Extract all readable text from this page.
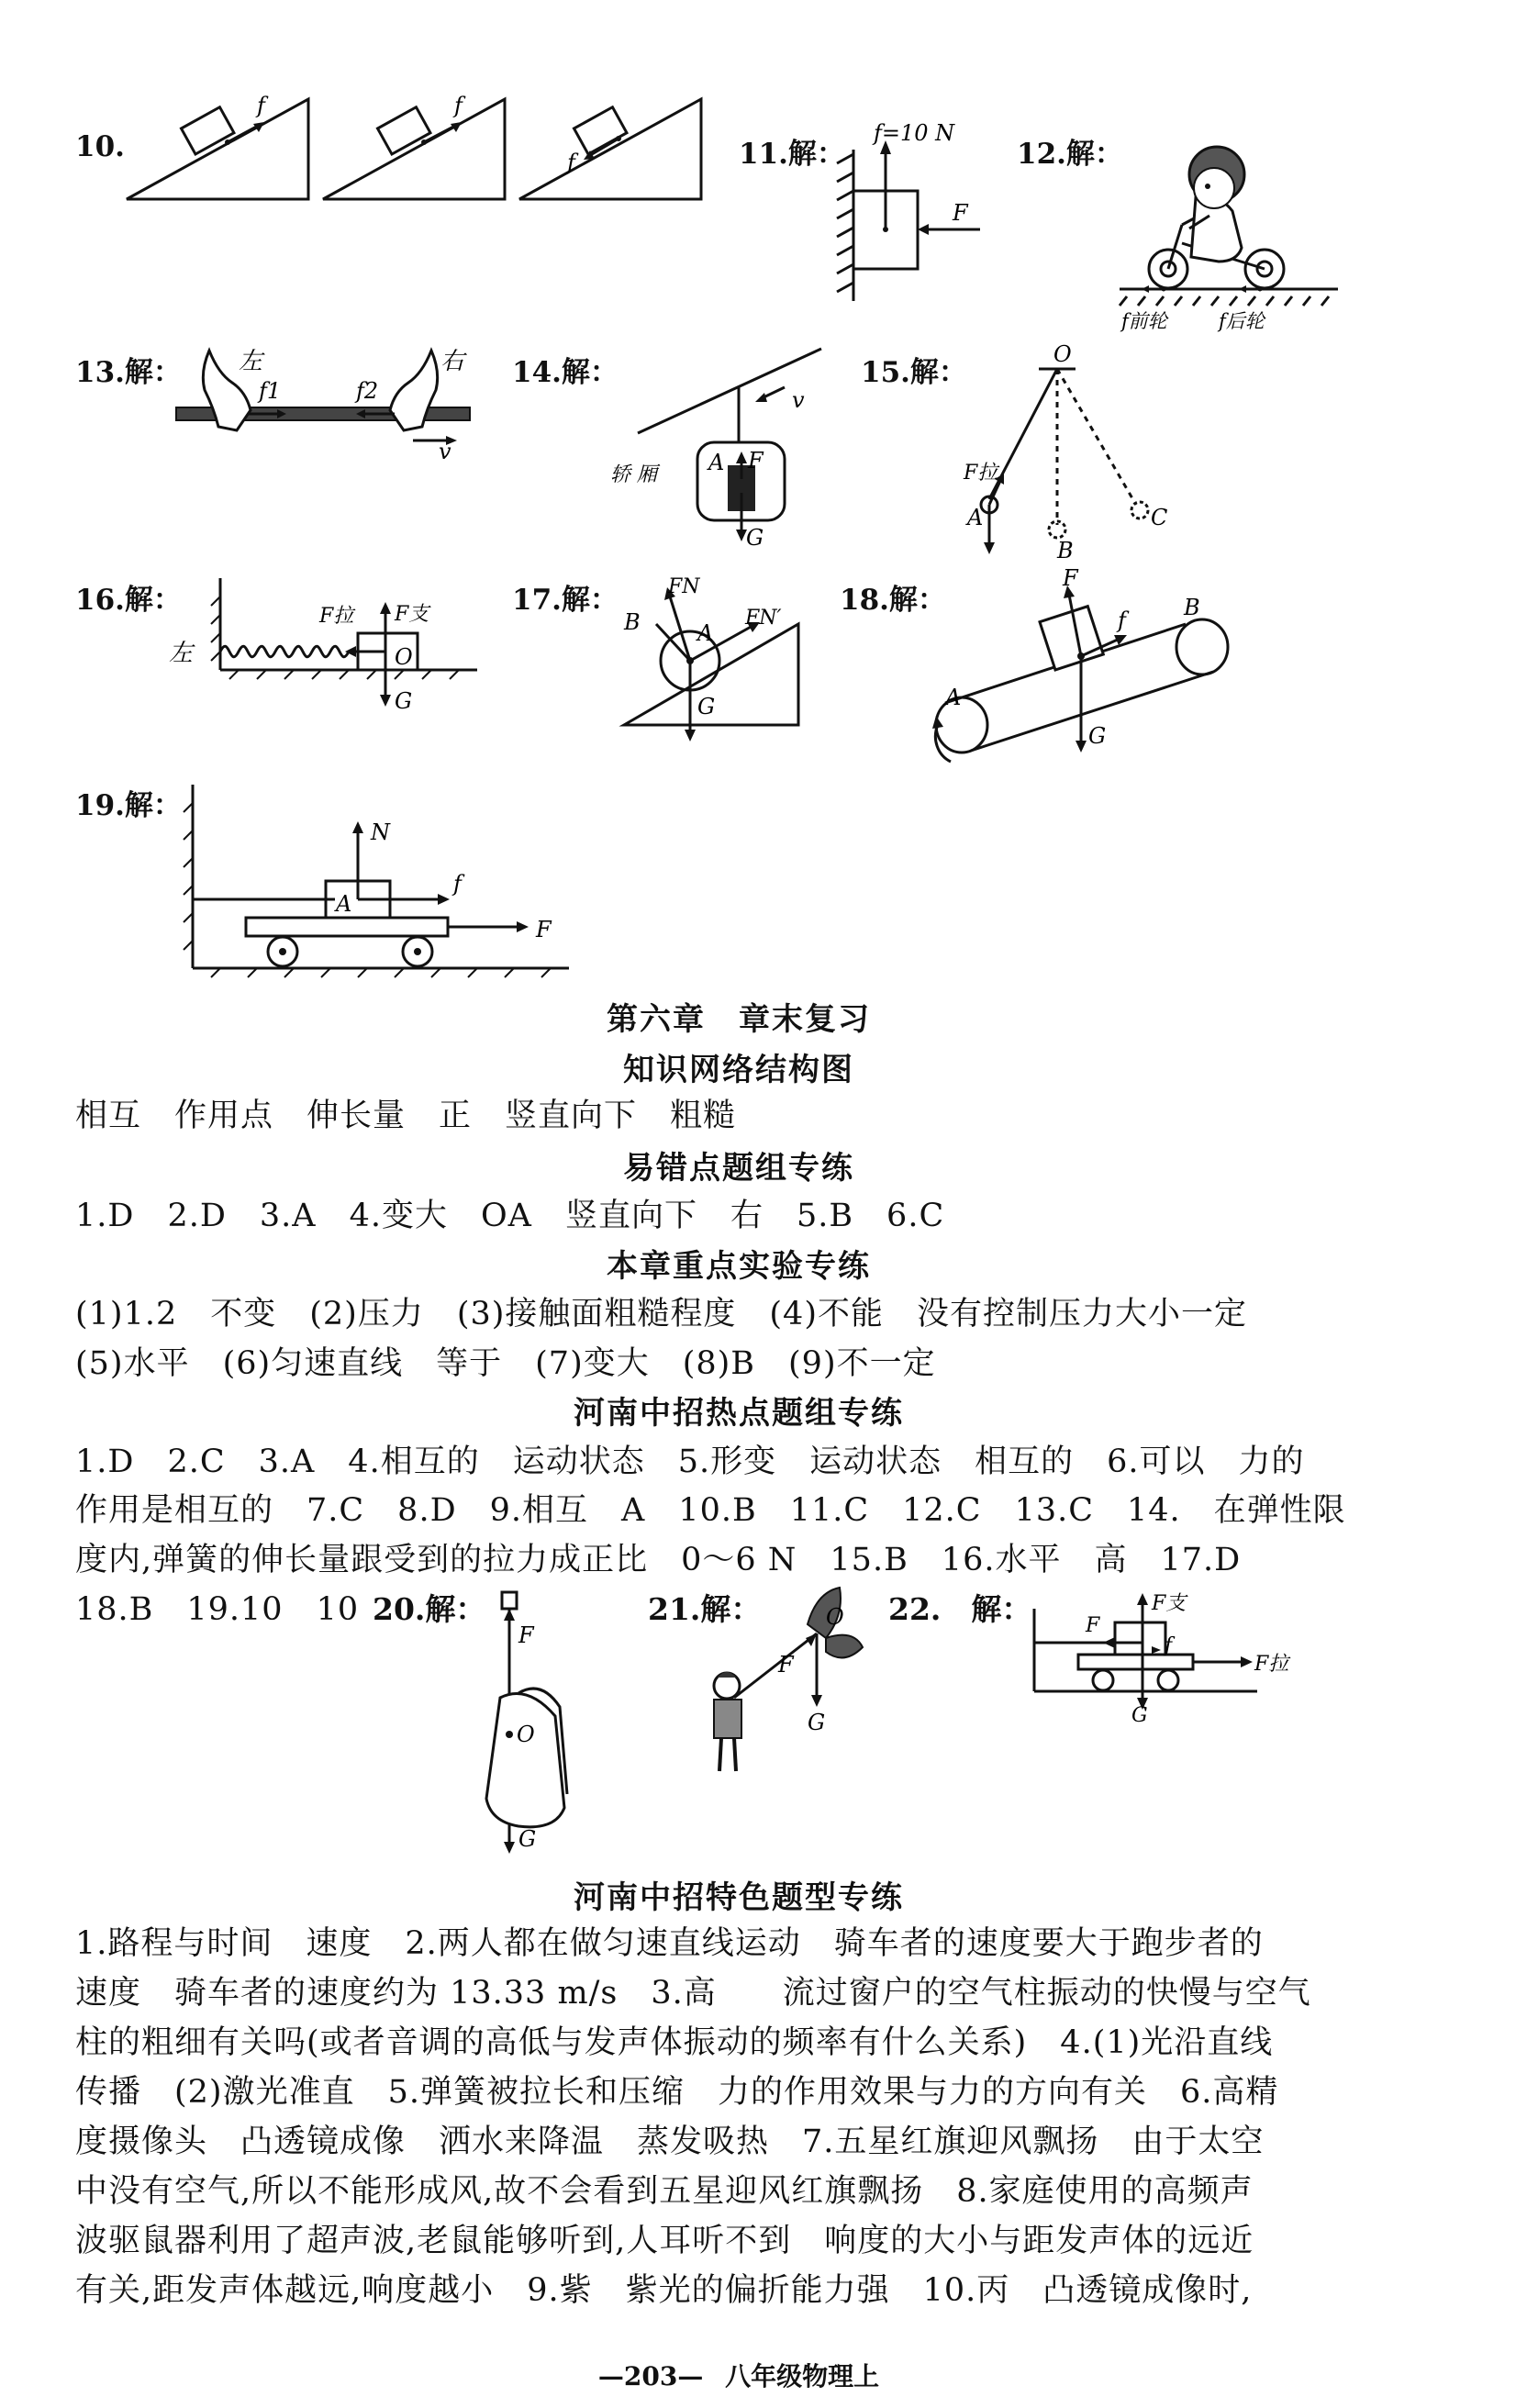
10.	11.解：	12.解：
13.解：	14.解：	15.解：
16.解：	17.解：	18.解：
19.解：
f	f
f
f=10 N
F
f前轮	f后轮
左	右
f1	f2
v
v
轿 厢 A F
G
O
F拉
A
B
C
左
F拉 F支
O
G
FN
B	A
FN′
G
F
f	B
A
G
N
A
f
F
第六章　章末复习
知识网络结构图
相互　作用点　伸长量　正　竖直向下　粗糙
易错点题组专练
1.D　2.D　3.A　4.变大　OA　竖直向下　右　5.B　6.C
本章重点实验专练
(1)1.2　不变　(2)压力　(3)接触面粗糙程度　(4)不能　没有控制压力大小一定
(5)水平　(6)匀速直线　等于　(7)变大　(8)B　(9)不一定
河南中招热点题组专练
1.D　2.C　3.A　4.相互的　运动状态　5.形变　运动状态　相互的　6.可以　力的
作用是相互的　7.C　8.D　9.相互　A　10.B　11.C　12.C　13.C　14.　在弹性限
度内,弹簧的伸长量跟受到的拉力成正比　0～6 N　15.B　16.水平　高　17.D
18.B　19.10　10 20.解：	21.解：	22.　解：
F
O
G
F
O
G
F
F支
f
F拉
G
河南中招特色题型专练
1.路程与时间　速度　2.两人都在做匀速直线运动　骑车者的速度要大于跑步者的
速度　骑车者的速度约为 13.33 m/s　3.高　　流过窗户的空气柱振动的快慢与空气
柱的粗细有关吗(或者音调的高低与发声体振动的频率有什么关系)　4.(1)光沿直线
传播　(2)激光准直　5.弹簧被拉长和压缩　力的作用效果与力的方向有关　6.高精
度摄像头　凸透镜成像　洒水来降温　蒸发吸热　7.五星红旗迎风飘扬　由于太空
中没有空气,所以不能形成风,故不会看到五星迎风红旗飘扬　8.家庭使用的高频声
波驱鼠器利用了超声波,老鼠能够听到,人耳听不到　响度的大小与距发声体的远近
有关,距发声体越远,响度越小　9.紫　紫光的偏折能力强　10.丙　凸透镜成像时,
—203— 八年级物理上
